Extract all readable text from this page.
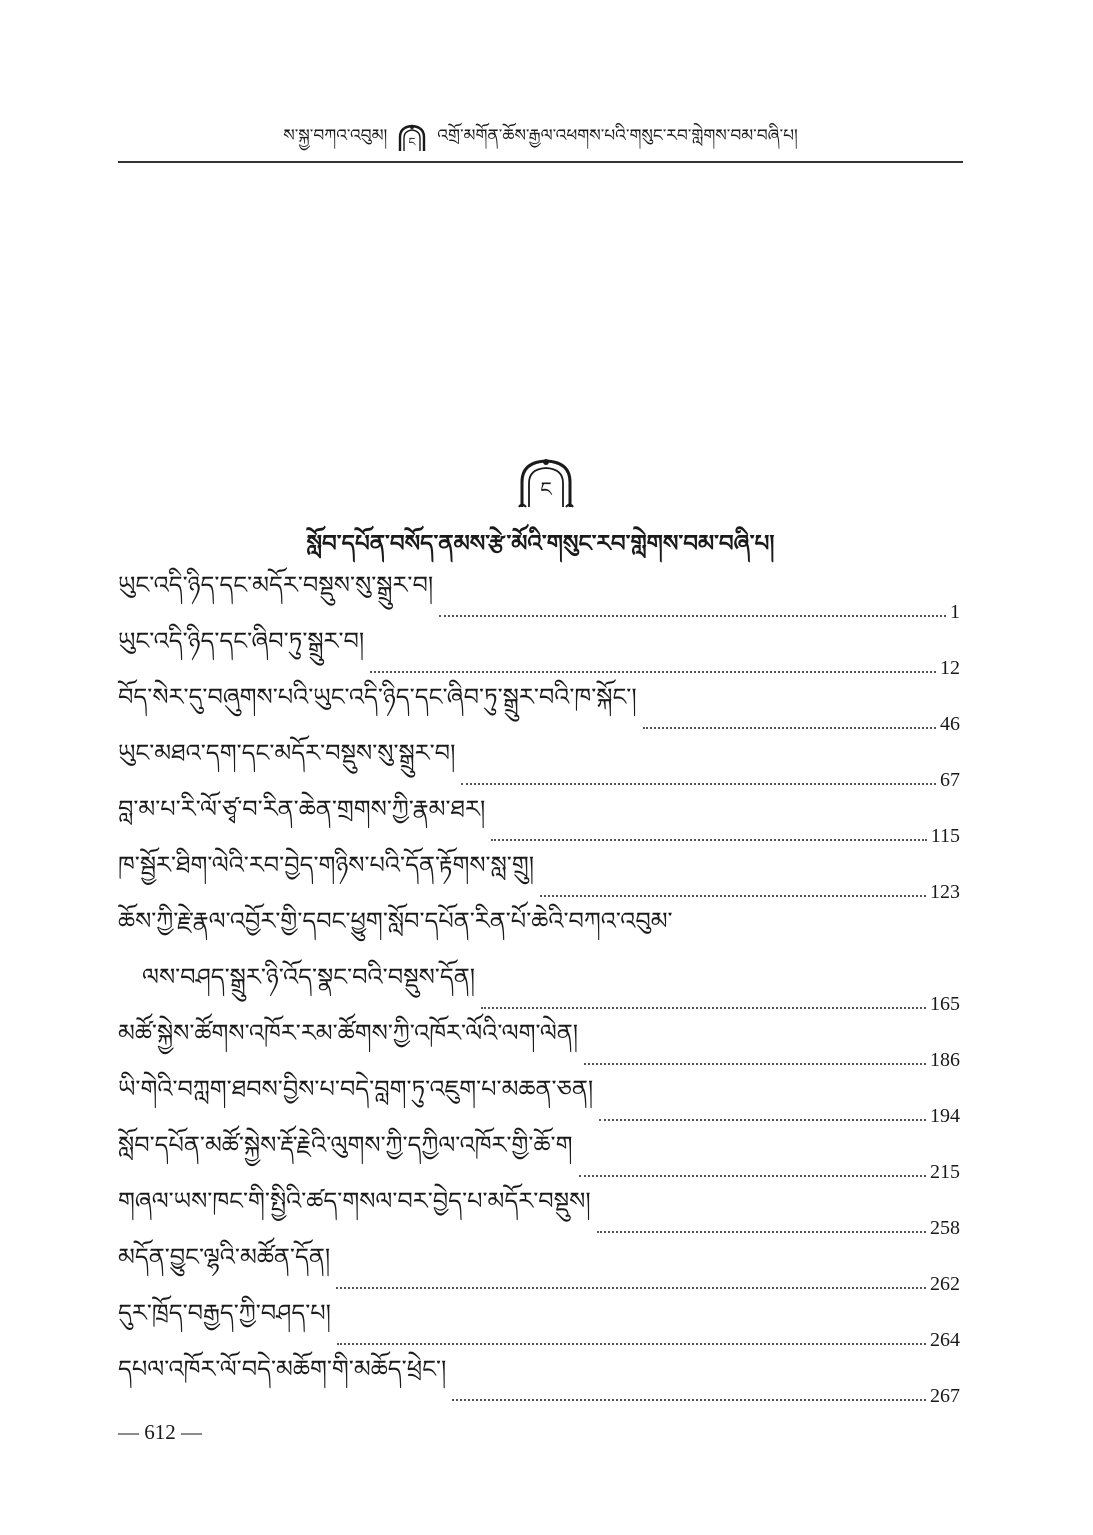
ས་སྐྱ་བཀའ་འབུམ། ང འགྲོ་མགོན་ཆོས་རྒྱལ་འཕགས་པའི་གསུང་རབ་གླེགས་བམ་བཞི་པ།
ང
སློབ་དཔོན་བསོད་ནམས་རྩེ་མོའི་གསུང་རབ་གླེགས་བམ་བཞི་པ།
ཡུང་འདི་ཉིད་དང་མདོར་བསྡུས་སུ་སྒྲུར་བ།
1
ཡུང་འདི་ཉིད་དང་ཞིབ་ཏུ་སྒྲུར་བ།
12
བོད་སེར་དུ་བཞུགས་པའི་ཡུང་འདི་ཉིད་དང་ཞིབ་ཏུ་སྒྲུར་བའི་ཁ་སྐོང་།
46
ཡུང་མཐའ་དག་དང་མདོར་བསྡུས་སུ་སྒྲུར་བ།
67
བླ་མ་པ་རི་ལོ་ཙྭ་བ་རིན་ཆེན་གྲགས་ཀྱི་རྣམ་ཐར།
115
ཁ་སྦྱོར་ཐིག་ལེའི་རབ་བྱེད་གཉིས་པའི་དོན་རྟོགས་སླ་གྲུ།
123
ཆོས་ཀྱི་རྗེ་རྣལ་འབྱོར་གྱི་དབང་ཕྱུག་སློབ་དཔོན་རིན་པོ་ཆེའི་བཀའ་འབུམ་
ལས་བཤད་སྒྲུར་ཉི་འོད་སྣང་བའི་བསྡུས་དོན།
165
མཚོ་སྐྱེས་ཚོགས་འཁོར་རམ་ཚོགས་ཀྱི་འཁོར་ལོའི་ལག་ལེན།
186
ཡི་གེའི་བཀླག་ཐབས་བྱིས་པ་བདེ་བླག་ཏུ་འཇུག་པ་མཆན་ཅན།
194
སློབ་དཔོན་མཚོ་སྐྱེས་རྡོ་རྗེའི་ལུགས་ཀྱི་དཀྱིལ་འཁོར་གྱི་ཆོ་ག
215
གཞལ་ཡས་ཁང་གི་སྤྱིའི་ཚད་གསལ་བར་བྱེད་པ་མདོར་བསྡུས།
258
མདོན་བྱུང་ལྷའི་མཚོན་དོན།
262
དུར་ཁྲོད་བརྒྱད་ཀྱི་བཤད་པ།
264
དཔལ་འཁོར་ལོ་བདེ་མཆོག་གི་མཆོད་ཕྲེང་།
267
— 612 —
